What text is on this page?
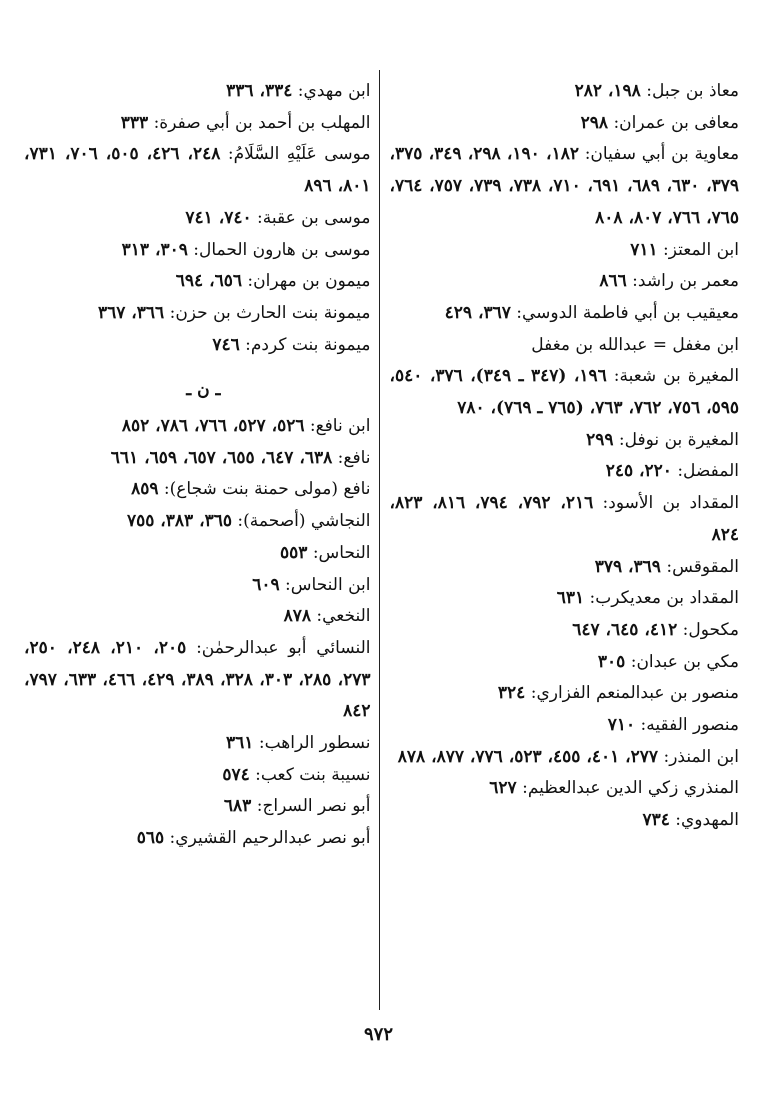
معاذ بن جبل: ١٩٨، ٢٨٢
معافى بن عمران: ٢٩٨
معاوية بن أبي سفيان: ١٨٢، ١٩٠، ٢٩٨، ٣٤٩، ٣٧٥، ٣٧٩، ٦٣٠، ٦٨٩، ٦٩١، ٧١٠، ٧٣٨، ٧٣٩، ٧٥٧، ٧٦٤، ٧٦٥، ٧٦٦، ٨٠٧، ٨٠٨
ابن المعتز: ٧١١
معمر بن راشد: ٨٦٦
معيقيب بن أبي فاطمة الدوسي: ٣٦٧، ٤٢٩
ابن مغفل = عبدالله بن مغفل
المغيرة بن شعبة: ١٩٦، (٣٤٧ ـ ٣٤٩)، ٣٧٦، ٥٤٠، ٥٩٥، ٧٥٦، ٧٦٢، ٧٦٣، (٧٦٥ ـ ٧٦٩)، ٧٨٠
المغيرة بن نوفل: ٢٩٩
المفضل: ٢٢٠، ٢٤٥
المقداد بن الأسود: ٢١٦، ٧٩٢، ٧٩٤، ٨١٦، ٨٢٣، ٨٢٤
المقوقس: ٣٦٩، ٣٧٩
المقداد بن معديكرب: ٦٣١
مكحول: ٤١٢، ٦٤٥، ٦٤٧
مكي بن عبدان: ٣٠٥
منصور بن عبدالمنعم الفزاري: ٣٢٤
منصور الفقيه: ٧١٠
ابن المنذر: ٢٧٧، ٤٠١، ٤٥٥، ٥٢٣، ٧٧٦، ٨٧٧، ٨٧٨
المنذري زكي الدين عبدالعظيم: ٦٢٧
المهدوي: ٧٣٤
ابن مهدي: ٣٣٤، ٣٣٦
المهلب بن أحمد بن أبي صفرة: ٣٣٣
موسى عَلَيْهِ السَّلَامُ: ٢٤٨، ٤٢٦، ٥٠٥، ٧٠٦، ٧٣١، ٨٠١، ٨٩٦
موسى بن عقبة: ٧٤٠، ٧٤١
موسى بن هارون الحمال: ٣٠٩، ٣١٣
ميمون بن مهران: ٦٥٦، ٦٩٤
ميمونة بنت الحارث بن حزن: ٣٦٦، ٣٦٧
ميمونة بنت كردم: ٧٤٦
ـ ن ـ
ابن نافع: ٥٢٦، ٥٢٧، ٧٦٦، ٧٨٦، ٨٥٢
نافع: ٦٣٨، ٦٤٧، ٦٥٥، ٦٥٧، ٦٥٩، ٦٦١
نافع (مولى حمنة بنت شجاع): ٨٥٩
النجاشي (أصحمة): ٣٦٥، ٣٨٣، ٧٥٥
النحاس: ٥٥٣
ابن النحاس: ٦٠٩
النخعي: ٨٧٨
النسائي أبو عبدالرحمٰن: ٢٠٥، ٢١٠، ٢٤٨، ٢٥٠، ٢٧٣، ٢٨٥، ٣٠٣، ٣٢٨، ٣٨٩، ٤٢٩، ٤٦٦، ٦٣٣، ٧٩٧، ٨٤٢
نسطور الراهب: ٣٦١
نسيبة بنت كعب: ٥٧٤
أبو نصر السراج: ٦٨٣
أبو نصر عبدالرحيم القشيري: ٥٦٥
٩٧٢
